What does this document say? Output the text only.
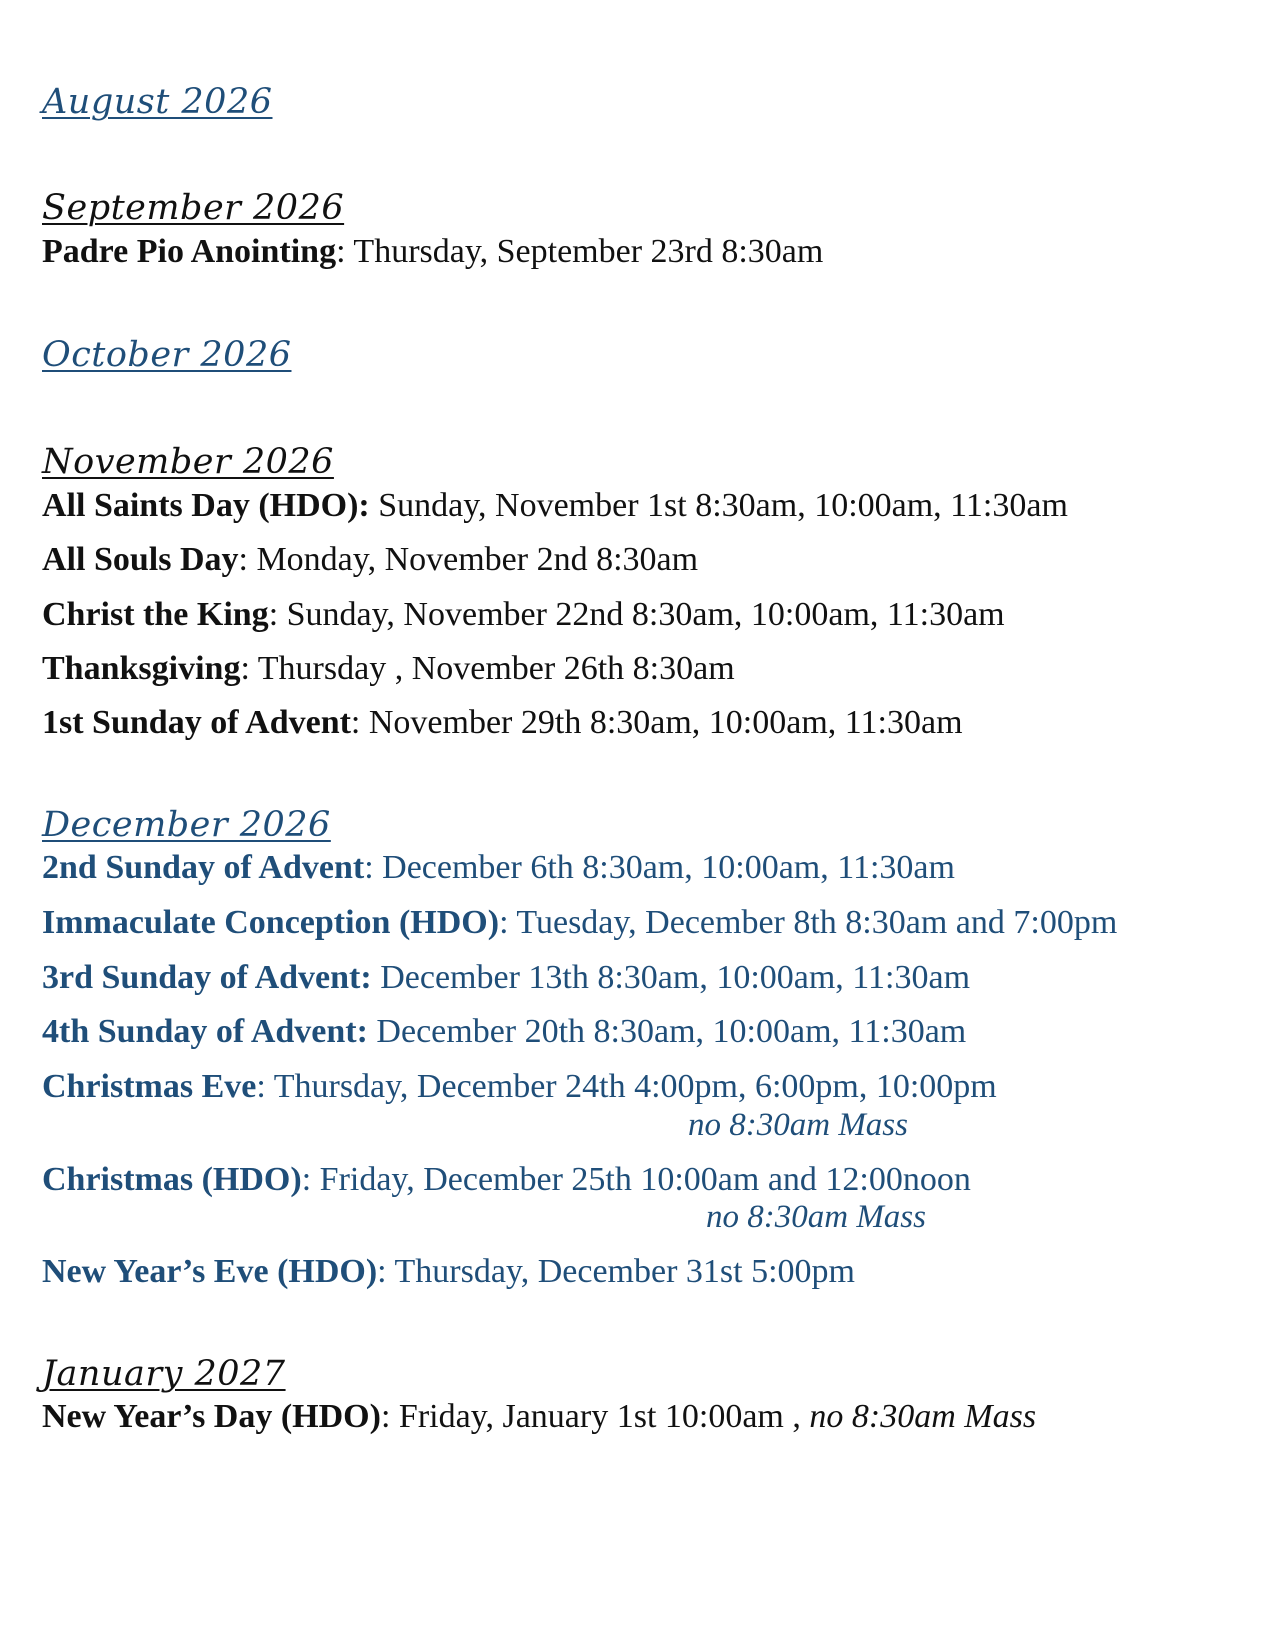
August 2026
September 2026
Padre Pio Anointing: Thursday, September 23rd 8:30am
October 2026
November 2026
All Saints Day (HDO): Sunday, November 1st 8:30am, 10:00am, 11:30am
All Souls Day: Monday, November 2nd 8:30am
Christ the King: Sunday, November 22nd 8:30am, 10:00am, 11:30am
Thanksgiving: Thursday , November 26th 8:30am
1st Sunday of Advent: November 29th 8:30am, 10:00am, 11:30am
December 2026
2nd Sunday of Advent: December 6th 8:30am, 10:00am, 11:30am
Immaculate Conception (HDO): Tuesday, December 8th 8:30am and 7:00pm
3rd Sunday of Advent: December 13th 8:30am, 10:00am, 11:30am
4th Sunday of Advent: December 20th 8:30am, 10:00am, 11:30am
Christmas Eve: Thursday, December 24th 4:00pm, 6:00pm, 10:00pm
no 8:30am Mass
Christmas (HDO): Friday, December 25th 10:00am and 12:00noon
no 8:30am Mass
New Year’s Eve (HDO): Thursday, December 31st 5:00pm
January 2027
New Year’s Day (HDO): Friday, January 1st 10:00am , no 8:30am Mass
